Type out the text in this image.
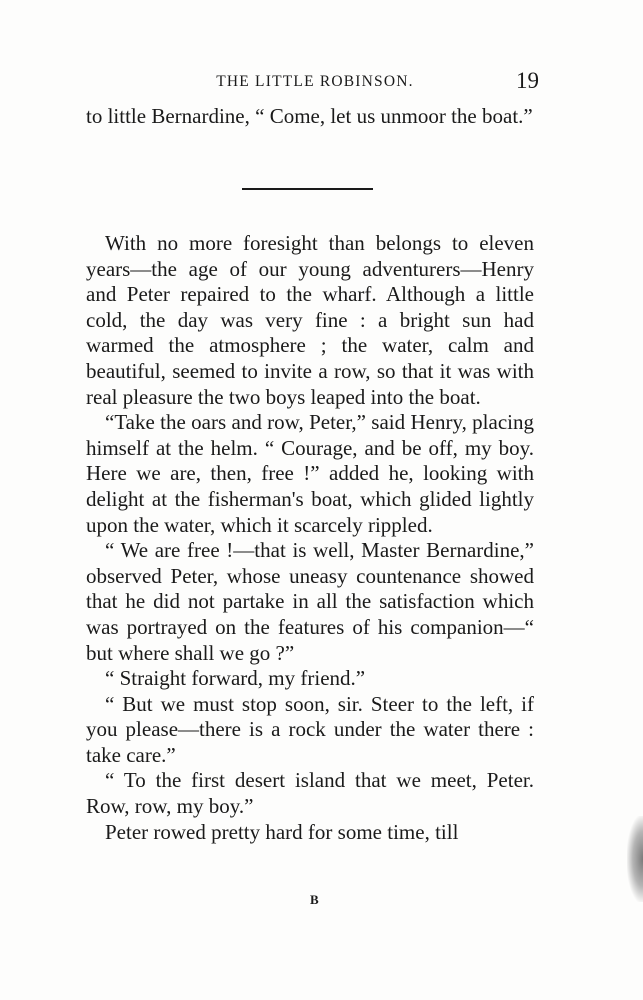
THE LITTLE ROBINSON.	19

to little Bernardine, “ Come, let us unmoor the boat.”

With no more foresight than belongs to eleven years—the age of our young adventurers—Henry and Peter repaired to the wharf. Although a little cold, the day was very fine : a bright sun had warmed the atmosphere ; the water, calm and beautiful, seemed to invite a row, so that it was with real pleasure the two boys leaped into the boat.

“Take the oars and row, Peter,” said Henry, placing himself at the helm. “ Courage, and be off, my boy. Here we are, then, free !” added he, looking with delight at the fisherman's boat, which glided lightly upon the water, which it scarcely rippled.

“ We are free !—that is well, Master Bernardine,” observed Peter, whose uneasy countenance showed that he did not partake in all the satisfaction which was portrayed on the features of his companion—“ but where shall we go ?”

“ Straight forward, my friend.”

“ But we must stop soon, sir. Steer to the left, if you please—there is a rock under the water there : take care.”

“ To the first desert island that we meet, Peter. Row, row, my boy.”

Peter rowed pretty hard for some time, till

B
